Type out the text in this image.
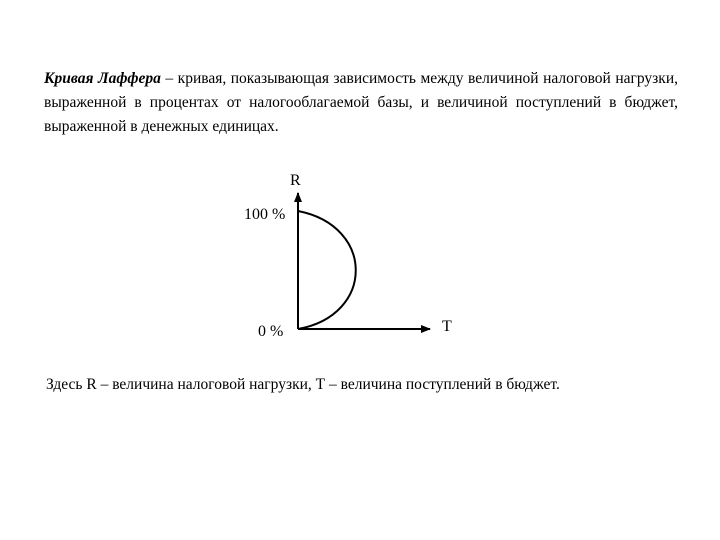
Кривая Лаффера – кривая, показывающая зависимость между величиной налоговой нагрузки, выраженной в процентах от налогооблагаемой базы, и величиной поступлений в бюджет, выраженной в денежных единицах.

R
100 %
0 %	T

Здесь R – величина налоговой нагрузки, Т – величина поступлений в бюджет.
